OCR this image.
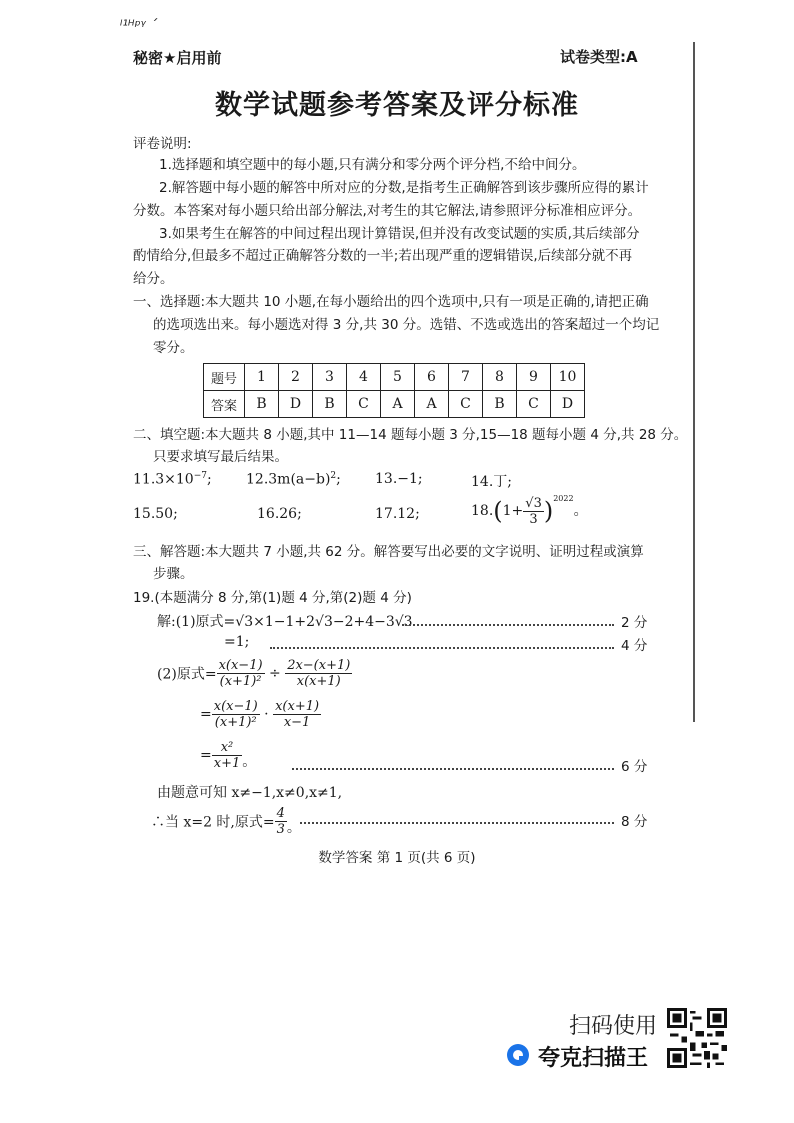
ˡ¹ᴴᵖᵞ ˊ
秘密★启用前	试卷类型:A
数学试题参考答案及评分标准
评卷说明:
1.选择题和填空题中的每小题,只有满分和零分两个评分档,不给中间分。
2.解答题中每小题的解答中所对应的分数,是指考生正确解答到该步骤所应得的累计
分数。本答案对每小题只给出部分解法,对考生的其它解法,请参照评分标准相应评分。
3.如果考生在解答的中间过程出现计算错误,但并没有改变试题的实质,其后续部分
酌情给分,但最多不超过正确解答分数的一半;若出现严重的逻辑错误,后续部分就不再
给分。
一、选择题:本大题共 10 小题,在每小题给出的四个选项中,只有一项是正确的,请把正确
的选项选出来。每小题选对得 3 分,共 30 分。选错、不选或选出的答案超过一个均记
零分。
题号	1	2	3	4	5	6	7	8	9	10
答案	B	D	B	C	A	A	C	B	C	D
二、填空题:本大题共 8 小题,其中 11—14 题每小题 3 分,15—18 题每小题 4 分,共 28 分。
只要求填写最后结果。
$11.3\times 10^{-7}$; $12.3m(a-b)^2$; 13.−1;	14.丁;
15.50;	16.26;	17.12;	$18.(1+ \frac{√3}{3} )^{2022}$。
三、解答题:本大题共 7 小题,共 62 分。解答要写出必要的文字说明、证明过程或演算
步骤。
19.(本题满分 8 分,第(1)题 4 分,第(2)题 4 分)
解:(1)原式=√3×1−1+2√3−2+4−3√3	2 分
=1;	4 分
(2)原式= $\frac{x(x-1)}{\text{(x+1)²}} \div \frac{2x-(x+1)}{x(x+1)}$
= $\frac{x(x-1)}{\text{(x+1)²}} \cdot \frac{x(x+1)}{x-1}$
= $\frac{\text{x²}}{x+1}$ 。	6 分
由题意可知 x≠−1,x≠0,x≠1,
∴当 x=2 时,原式= $\frac{4}{3}$ 。	8 分
数学答案 第 1 页(共 6 页)
扫码使用
夸克扫描王
